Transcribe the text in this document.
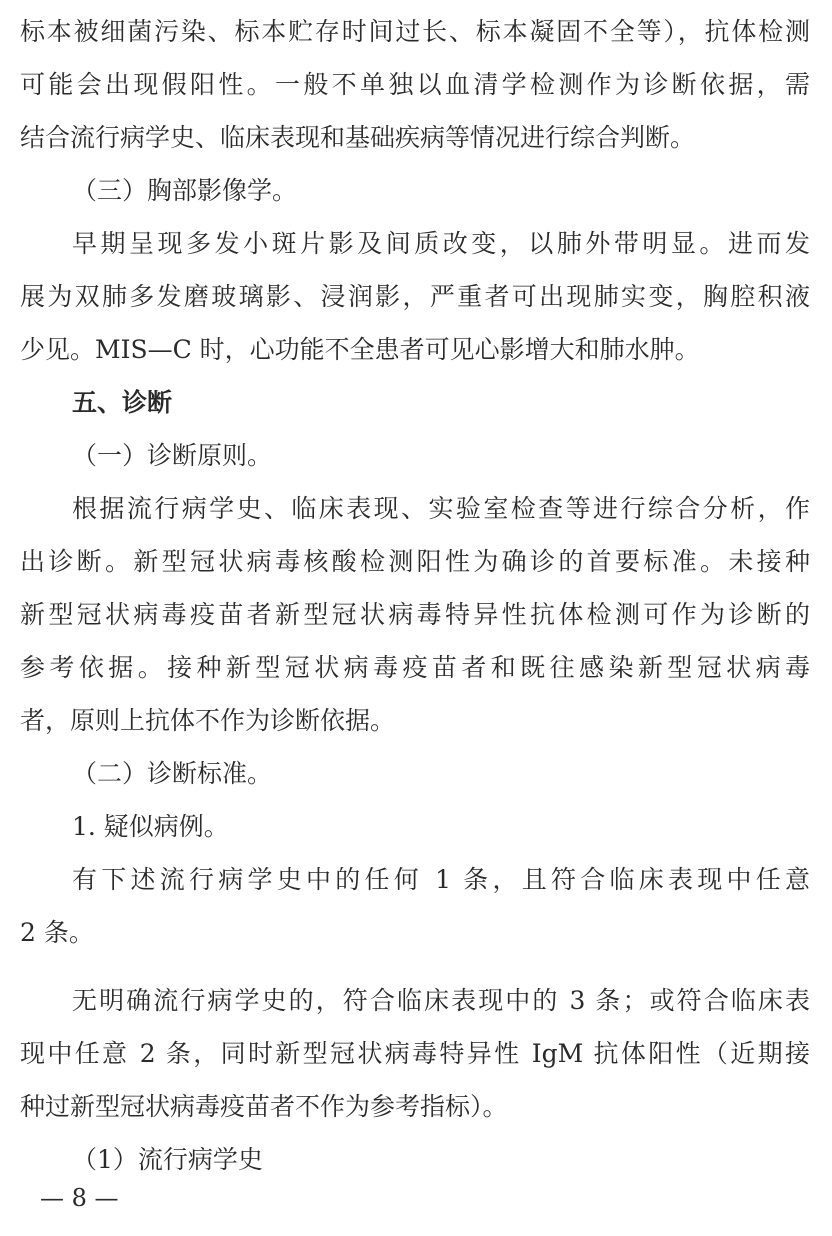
标本被细菌污染、标本贮存时间过长、标本凝固不全等），抗体检测
可能会出现假阳性。一般不单独以血清学检测作为诊断依据，需
结合流行病学史、临床表现和基础疾病等情况进行综合判断。
（三）胸部影像学。
早期呈现多发小斑片影及间质改变，以肺外带明显。进而发
展为双肺多发磨玻璃影、浸润影，严重者可出现肺实变，胸腔积液
少见。MIS—C 时，心功能不全患者可见心影增大和肺水肿。
五、诊断
（一）诊断原则。
根据流行病学史、临床表现、实验室检查等进行综合分析，作
出诊断。新型冠状病毒核酸检测阳性为确诊的首要标准。未接种
新型冠状病毒疫苗者新型冠状病毒特异性抗体检测可作为诊断的
参考依据。接种新型冠状病毒疫苗者和既往感染新型冠状病毒
者，原则上抗体不作为诊断依据。
（二）诊断标准。
1. 疑似病例。
有下述流行病学史中的任何 1 条，且符合临床表现中任意
2 条。
无明确流行病学史的，符合临床表现中的 3 条；或符合临床表
现中任意 2 条，同时新型冠状病毒特异性 IgM 抗体阳性（近期接
种过新型冠状病毒疫苗者不作为参考指标）。
（1）流行病学史
— 8 —
